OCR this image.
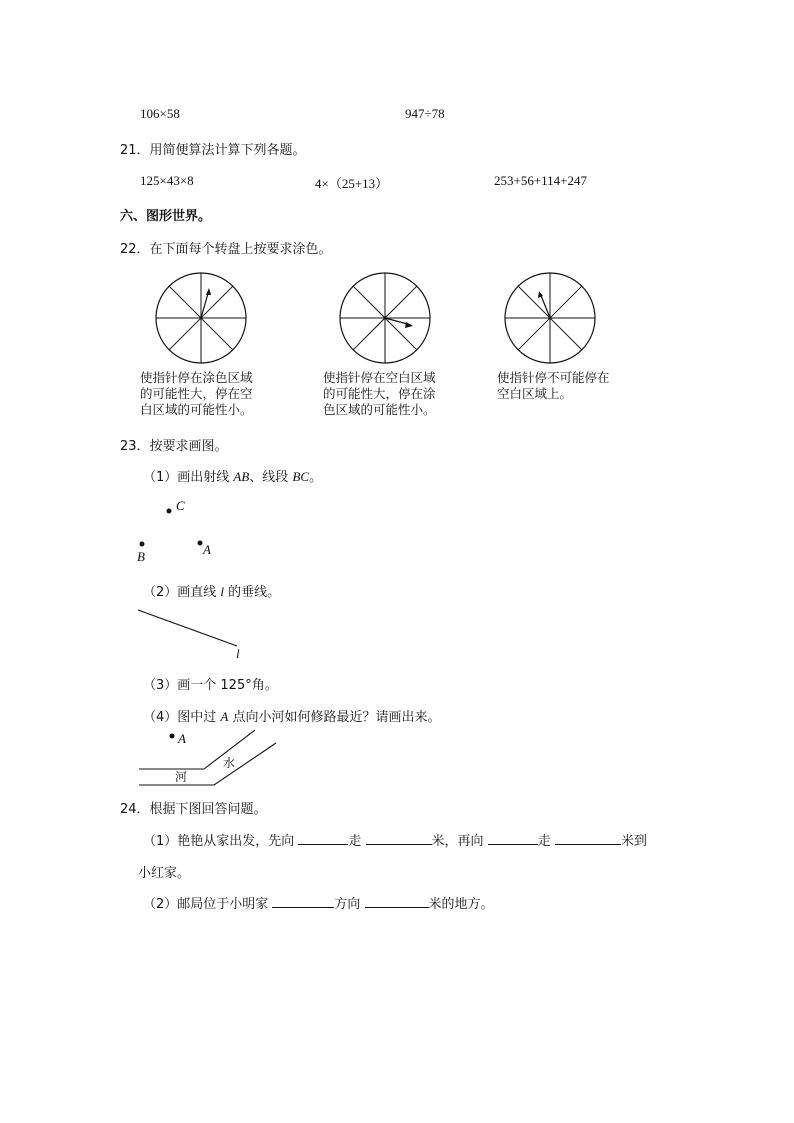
106×58	947÷78
21．用简便算法计算下列各题。
125×43×8	4×（25+13）	253+56+114+247
六、图形世界。
22．在下面每个转盘上按要求涂色。
使指针停在涂色区域
的可能性大，停在空
白区域的可能性小。
使指针停在空白区域
的可能性大，停在涂
色区域的可能性小。
使指针停不可能停在
空白区域上。
23．按要求画图。
（1）画出射线 AB、线段 BC。
C
B	A
（2）画直线 l 的垂线。
l
（3）画一个 125°角。
（4）图中过 A 点向小河如何修路最近？请画出来。
A
河
水
24．根据下图回答问题。
（1）艳艳从家出发，先向	走	米，再向	走	米到
小红家。
（2）邮局位于小明家	方向	米的地方。
